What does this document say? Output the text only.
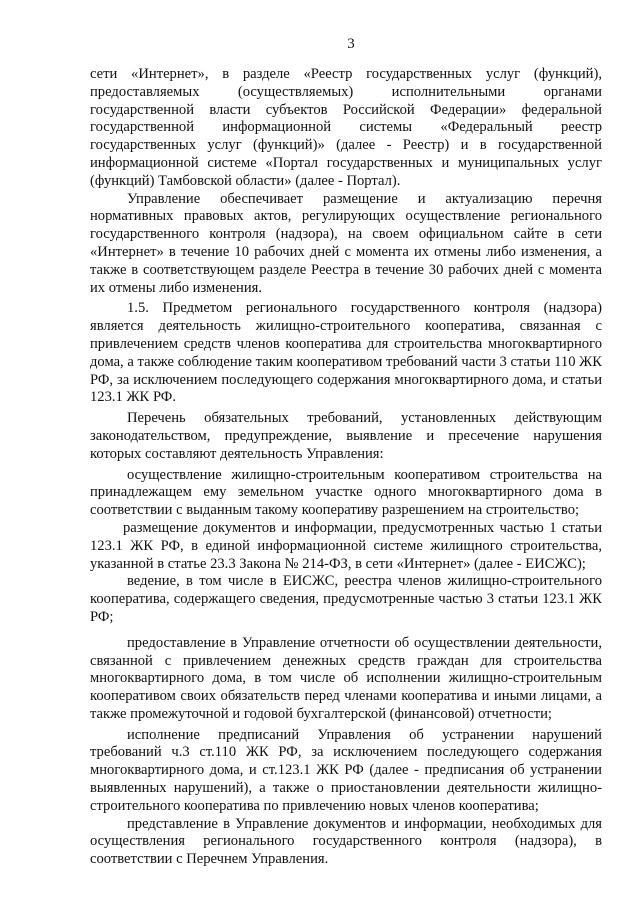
3

сети «Интернет», в разделе «Реестр государственных услуг (функций), предоставляемых (осуществляемых) исполнительными органами государственной власти субъектов Российской Федерации» федеральной государственной информационной системы «Федеральный реестр государственных услуг (функций)» (далее - Реестр) и в государственной информационной системе «Портал государственных и муниципальных услуг (функций) Тамбовской области» (далее - Портал).

Управление обеспечивает размещение и актуализацию перечня нормативных правовых актов, регулирующих осуществление регионального государственного контроля (надзора), на своем официальном сайте в сети «Интернет» в течение 10 рабочих дней с момента их отмены либо изменения, а также в соответствующем разделе Реестра в течение 30 рабочих дней с момента их отмены либо изменения.

1.5. Предметом регионального государственного контроля (надзора) является деятельность жилищно-строительного кооператива, связанная с привлечением средств членов кооператива для строительства многоквартирного дома, а также соблюдение таким кооперативом требований части 3 статьи 110 ЖК РФ, за исключением последующего содержания многоквартирного дома, и статьи 123.1 ЖК РФ.

Перечень обязательных требований, установленных действующим законодательством, предупреждение, выявление и пресечение нарушения которых составляют деятельность Управления:

осуществление жилищно-строительным кооперативом строительства на принадлежащем ему земельном участке одного многоквартирного дома в соответствии с выданным такому кооперативу разрешением на строительство;

размещение документов и информации, предусмотренных частью 1 статьи 123.1 ЖК РФ, в единой информационной системе жилищного строительства, указанной в статье 23.3 Закона № 214-ФЗ, в сети «Интернет» (далее - ЕИСЖС);

ведение, в том числе в ЕИСЖС, реестра членов жилищно-строительного кооператива, содержащего сведения, предусмотренные частью 3 статьи 123.1 ЖК РФ;

предоставление в Управление отчетности об осуществлении деятельности, связанной с привлечением денежных средств граждан для строительства многоквартирного дома, в том числе об исполнении жилищно-строительным кооперативом своих обязательств перед членами кооператива и иными лицами, а также промежуточной и годовой бухгалтерской (финансовой) отчетности;

исполнение предписаний Управления об устранении нарушений требований ч.3 ст.110 ЖК РФ, за исключением последующего содержания многоквартирного дома, и ст.123.1 ЖК РФ (далее - предписания об устранении выявленных нарушений), а также о приостановлении деятельности жилищно-строительного кооператива по привлечению новых членов кооператива;

представление в Управление документов и информации, необходимых для осуществления регионального государственного контроля (надзора), в соответствии с Перечнем Управления.
